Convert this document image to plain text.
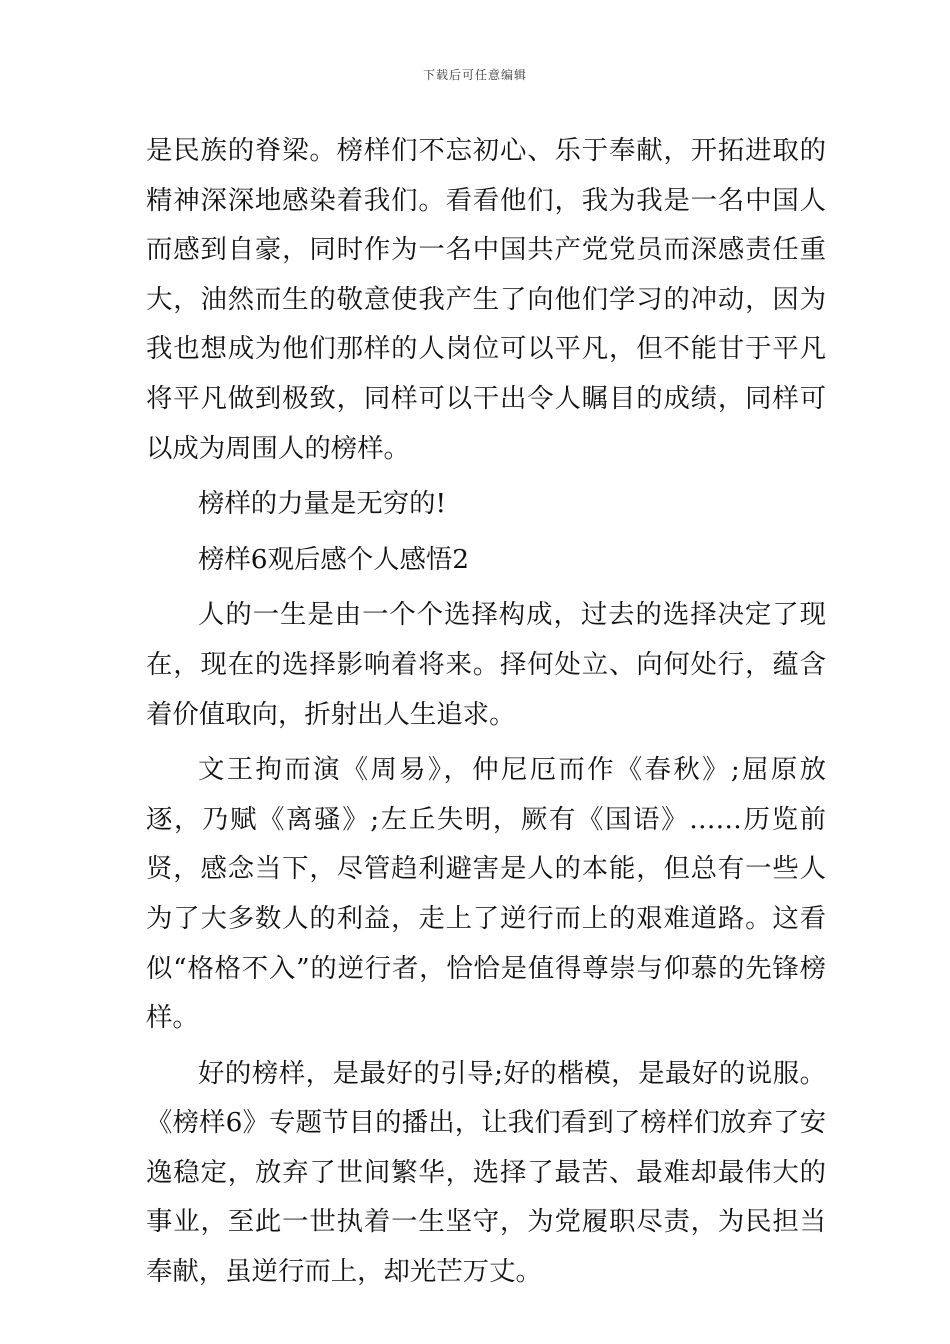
下载后可任意编辑

是民族的脊梁。榜样们不忘初心、乐于奉献，开拓进取的精神深深地感染着我们。看看他们，我为我是一名中国人而感到自豪，同时作为一名中国共产党党员而深感责任重大，油然而生的敬意使我产生了向他们学习的冲动，因为我也想成为他们那样的人岗位可以平凡，但不能甘于平凡将平凡做到极致，同样可以干出令人瞩目的成绩，同样可以成为周围人的榜样。

榜样的力量是无穷的!

榜样6观后感个人感悟2

人的一生是由一个个选择构成，过去的选择决定了现在，现在的选择影响着将来。择何处立、向何处行，蕴含着价值取向，折射出人生追求。

文王拘而演《周易》，仲尼厄而作《春秋》;屈原放逐，乃赋《离骚》;左丘失明，厥有《国语》……历览前贤，感念当下，尽管趋利避害是人的本能，但总有一些人为了大多数人的利益，走上了逆行而上的艰难道路。这看似“格格不入”的逆行者，恰恰是值得尊崇与仰慕的先锋榜样。

好的榜样，是最好的引导;好的楷模，是最好的说服。《榜样6》专题节目的播出，让我们看到了榜样们放弃了安逸稳定，放弃了世间繁华，选择了最苦、最难却最伟大的事业，至此一世执着一生坚守，为党履职尽责，为民担当奉献，虽逆行而上，却光芒万丈。
